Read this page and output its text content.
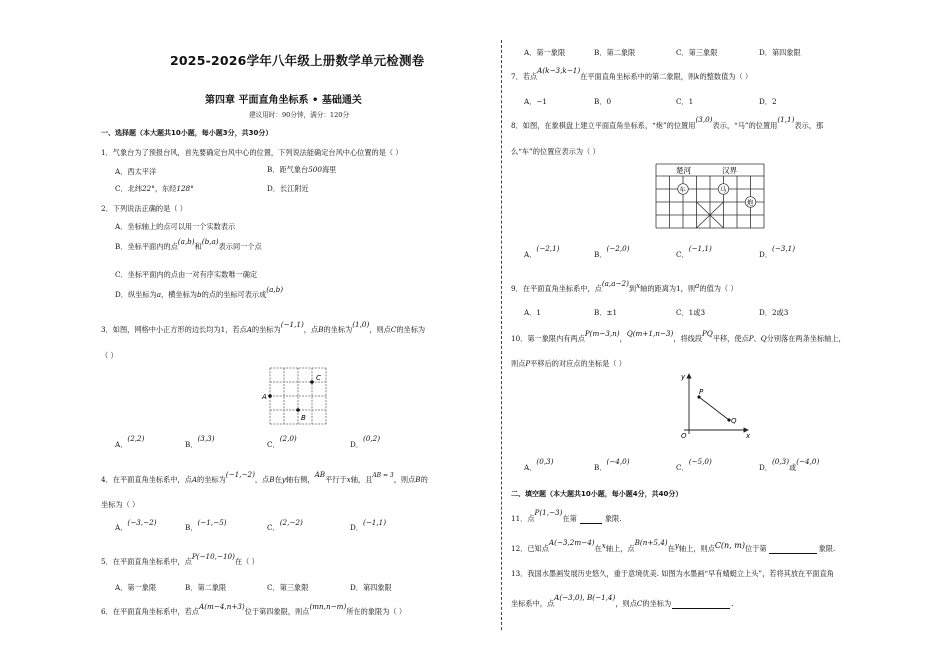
2025-2026学年八年级上册数学单元检测卷
第四章 平面直角坐标系 • 基础通关
建议用时：90分钟，满分：120分
一、选择题（本大题共10小题，每小题3分，共30分）
1．气象台为了预报台风，首先要确定台风中心的位置，下列说法能确定台风中心位置的是（ ）
A．西太平洋	B．距气象台500海里
C．北纬22°，东经128°	D．长江附近
2．下列说法正确的是（ ）
A．坐标轴上的点可以用一个实数表示
B．坐标平面内的点(a,b)和(b,a)表示同一个点
C．坐标平面内的点由一对有序实数唯一确定
D．纵坐标为a，横坐标为b的点的坐标可表示成(a,b)
3．如图，网格中小正方形的边长均为1，若点A的坐标为(−1,1)，点B的坐标为(1,0)，则点C的坐标为
（ ）
A
B
C
A．(2,2)
B．(3,3)
C．(2,0)
D．(0,2)
4．在平面直角坐标系中，点A的坐标为(−1,−2)，点B在y轴右侧，AB平行于x轴，且$^{AB = 3}$，则点B的
坐标为（ ）
A．(−3,−2)
B．(−1,−5)
C．(2,−2)
D．(−1,1)
5．在平面直角坐标系中，点P(−10,−10)在（ ）
A．第一象限	B．第二象限	C．第三象限	D．第四象限
6．在平面直角坐标系中，若点A(m−4,n+3)位于第四象限，则点(mn,n−m)所在的象限为（ ）
A．第一象限	B．第二象限	C．第三象限	D．第四象限
7．若点A(k−3,k−1)在平面直角坐标系中的第二象限，则k的整数值为（ ）
A．−1	B．0	C．1	D．2
8．如图，在象棋盘上建立平面直角坐标系，“炮”的位置用(3,0)表示，“马”的位置用(1,1)表示，那
么“车”的位置应表示为（ ）
楚河	汉界
车	马
炮
A．(−2,1)
B．(−2,0)
C．(−1,1)
D．(−3,1)
9．在平面直角坐标系中，点(a,a−2)到x轴的距离为1，则a的值为（ ）
A．1	B．±1	C．1或3	D．2或3
10．第一象限内有两点P(m−3,n)，Q(m+1,n−3)，将线段PQ平移，使点P、Q分别落在两条坐标轴上，
则点P平移后的对应点的坐标是（ ）
y
x
O
P
Q
A．(0,3)
B．(−4,0)
C．(−5,0)
D．(0,3)或(−4,0)
二、填空题（本大题共10小题，每小题4分，共40分）
11．点P(1,−3)在第	象限.
12．已知点A(−3,2m−4)在x轴上，点B(n+5,4)在y轴上，则点C(n, m)位于第	象限.
13．我国水墨画发展历史悠久，重于意境优美. 如图为水墨画“早有蜻蜓立上头”，若将其放在平面直角
坐标系中，点A(−3,0), B(−1,4)，则点C的坐标为	.
